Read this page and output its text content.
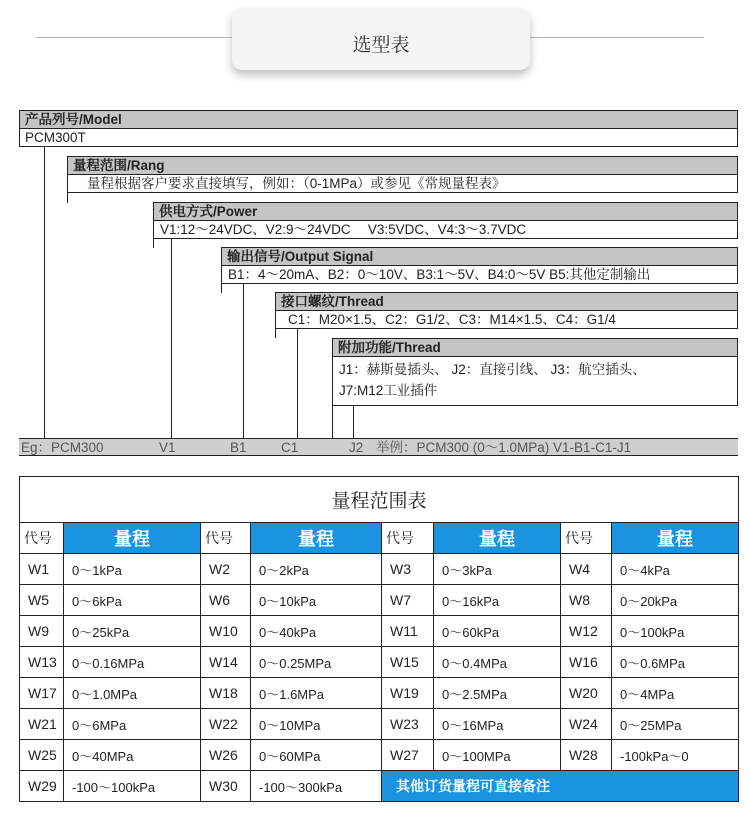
选型表
产品列号/Model
PCM300T
量程范围/Rang
量程根据客户要求直接填写，例如：（0-1MPa）或参见《常规量程表》
供电方式/Power
V1:12～24VDC、V2:9～24VDC　 V3:5VDC、V4:3～3.7VDC
输出信号/Output Signal
B1：4～20mA、B2：0～10V、B3:1～5V、B4:0～5V B5:其他定制输出
接口螺纹/Thread
C1：M20×1.5、C2：G1/2、C3：M14×1.5、C4：G1/4
附加功能/Thread
J1：赫斯曼插头、 J2：直接引线、 J3：航空插头、
J7:M12工业插件
Eg：PCM300	V1	B1	C1	J2 举例：PCM300 (0～1.0MPa) V1-B1-C1-J1
量程范围表							
代号	量程	代号	量程	代号	量程	代号	量程
W1	0～1kPa	W2	0～2kPa	W3	0～3kPa	W4	0～4kPa
W5	0～6kPa	W6	0～10kPa	W7	0～16kPa	W8	0～20kPa
W9	0～25kPa	W10	0～40kPa	W11	0～60kPa	W12	0～100kPa
W13	0～0.16MPa	W14	0～0.25MPa	W15	0～0.4MPa	W16	0～0.6MPa
W17	0～1.0MPa	W18	0～1.6MPa	W19	0～2.5MPa	W20	0～4MPa
W21	0～6MPa	W22	0～10MPa	W23	0～16MPa	W24	0～25MPa
W25	0～40MPa	W26	0～60MPa	W27	0～100MPa	W28	-100kPa～0
W29	-100～100kPa	W30	-100～300kPa	其他订货量程可直接备注			
